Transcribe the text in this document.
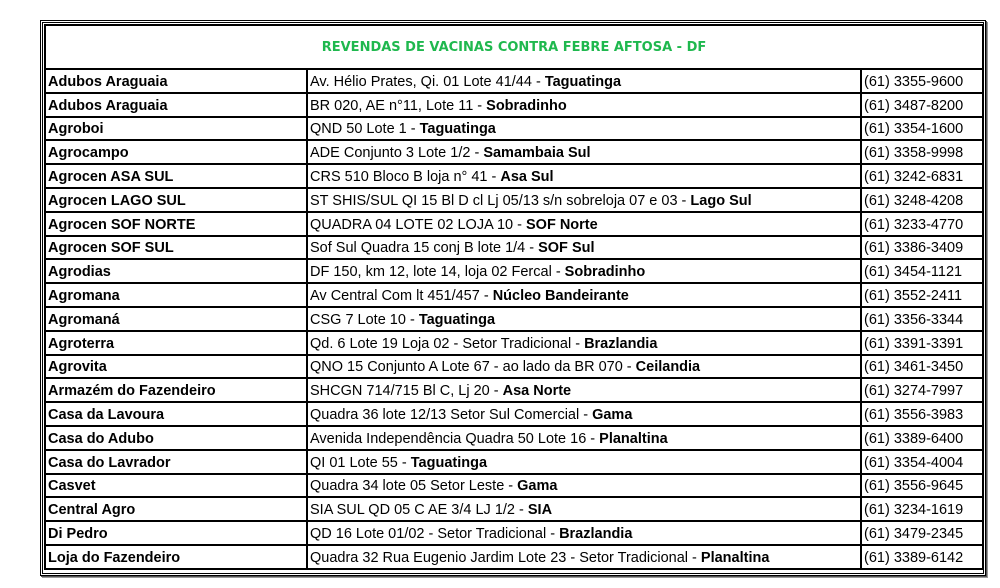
REVENDAS DE VACINAS CONTRA FEBRE AFTOSA - DF		
Adubos Araguaia	Av. Hélio Prates, Qi. 01 Lote 41/44 - Taguatinga	(61) 3355-9600
Adubos Araguaia	BR 020, AE n°11, Lote 11 - Sobradinho	(61) 3487-8200
Agroboi	QND 50 Lote 1 - Taguatinga	(61) 3354-1600
Agrocampo	ADE Conjunto 3 Lote 1/2 - Samambaia Sul	(61) 3358-9998
Agrocen ASA SUL	CRS 510 Bloco B loja n° 41 - Asa Sul	(61) 3242-6831
Agrocen LAGO SUL	ST SHIS/SUL QI 15 Bl D cl Lj 05/13 s/n sobreloja 07 e 03 - Lago Sul	(61) 3248-4208
Agrocen SOF NORTE	QUADRA 04 LOTE 02 LOJA 10 - SOF Norte	(61) 3233-4770
Agrocen SOF SUL	Sof Sul Quadra 15 conj B lote 1/4 - SOF Sul	(61) 3386-3409
Agrodias	DF 150, km 12, lote 14, loja 02 Fercal - Sobradinho	(61) 3454-1121
Agromana	Av Central Com lt 451/457 - Núcleo Bandeirante	(61) 3552-2411
Agromaná	CSG 7 Lote 10 - Taguatinga	(61) 3356-3344
Agroterra	Qd. 6 Lote 19 Loja 02 - Setor Tradicional - Brazlandia	(61) 3391-3391
Agrovita	QNO 15 Conjunto A Lote 67 - ao lado da BR 070 - Ceilandia	(61) 3461-3450
Armazém do Fazendeiro	SHCGN 714/715 Bl C, Lj 20 - Asa Norte	(61) 3274-7997
Casa da Lavoura	Quadra 36 lote 12/13 Setor Sul Comercial - Gama	(61) 3556-3983
Casa do Adubo	Avenida Independência Quadra 50 Lote 16 - Planaltina	(61) 3389-6400
Casa do Lavrador	QI 01 Lote 55 - Taguatinga	(61) 3354-4004
Casvet	Quadra 34 lote 05 Setor Leste - Gama	(61) 3556-9645
Central Agro	SIA SUL QD 05 C AE 3/4 LJ 1/2 - SIA	(61) 3234-1619
Di Pedro	QD 16 Lote 01/02 - Setor Tradicional - Brazlandia	(61) 3479-2345
Loja do Fazendeiro	Quadra 32 Rua Eugenio Jardim Lote 23 - Setor Tradicional - Planaltina	(61) 3389-6142
